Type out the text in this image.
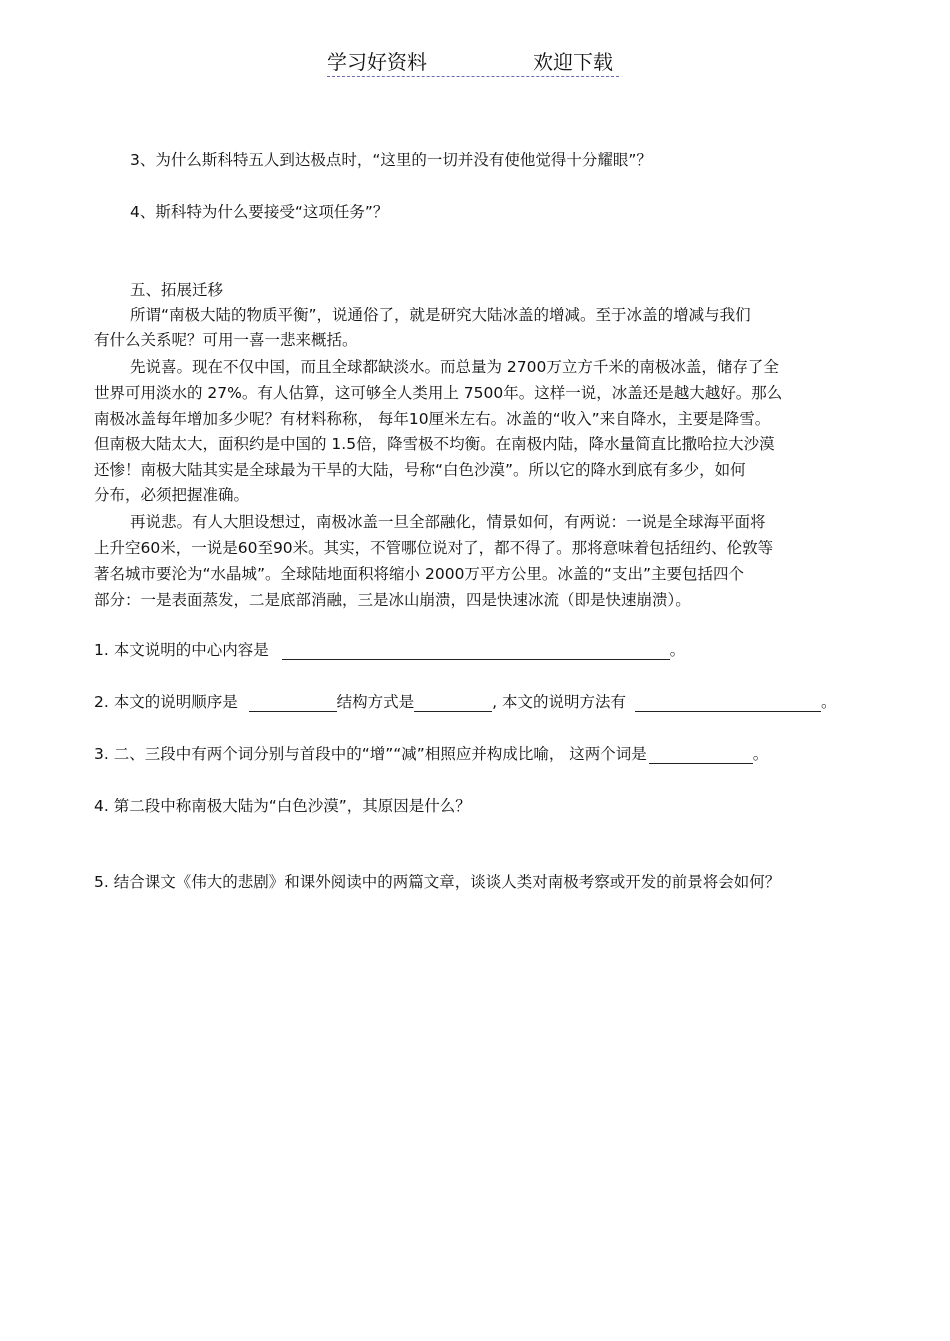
学习好资料	欢迎下载
3、为什么斯科特五人到达极点时，“这里的一切并没有使他觉得十分耀眼”？
4、斯科特为什么要接受“这项任务”？
五、拓展迁移
所谓“南极大陆的物质平衡”，说通俗了，就是研究大陆冰盖的增减。至于冰盖的增减与我们
有什么关系呢？可用一喜一悲来概括。
先说喜。现在不仅中国，而且全球都缺淡水。而总量为 2700万立方千米的南极冰盖，储存了全
世界可用淡水的 27%。有人估算，这可够全人类用上 7500年。这样一说，冰盖还是越大越好。那么
南极冰盖每年增加多少呢？有材料称称， 每年10厘米左右。冰盖的“收入”来自降水，主要是降雪。
但南极大陆太大，面积约是中国的 1.5倍，降雪极不均衡。在南极内陆，降水量简直比撒哈拉大沙漠
还惨！南极大陆其实是全球最为干旱的大陆，号称“白色沙漠”。所以它的降水到底有多少，如何
分布，必须把握准确。
再说悲。有人大胆设想过，南极冰盖一旦全部融化，情景如何，有两说：一说是全球海平面将
上升空60米，一说是60至90米。其实，不管哪位说对了，都不得了。那将意味着包括纽约、伦敦等
著名城市要沦为“水晶城”。全球陆地面积将缩小 2000万平方公里。冰盖的“支出”主要包括四个
部分：一是表面蒸发，二是底部消融，三是冰山崩溃，四是快速冰流（即是快速崩溃）。
1. 本文说明的中心内容是	。
2. 本文的说明顺序是	结构方式是	, 本文的说明方法有	。
3. 二、三段中有两个词分别与首段中的“增”“减”相照应并构成比喻， 这两个词是	。
4. 第二段中称南极大陆为“白色沙漠”，其原因是什么？
5. 结合课文《伟大的悲剧》和课外阅读中的两篇文章，谈谈人类对南极考察或开发的前景将会如何？
